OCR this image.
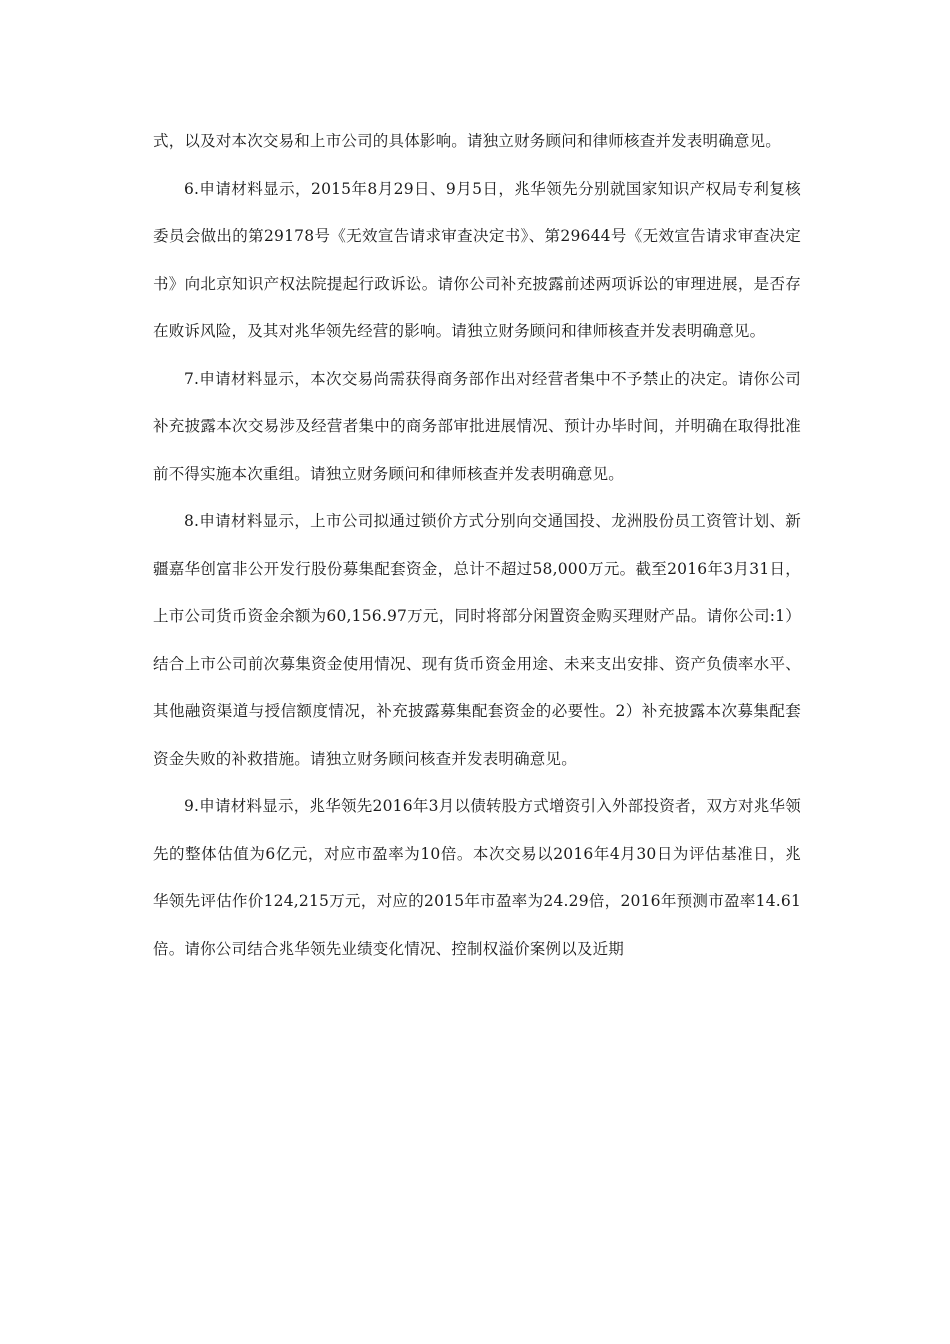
式，以及对本次交易和上市公司的具体影响。请独立财务顾问和律师核查并发表明确意见。

6.申请材料显示，2015年8月29日、9月5日，兆华领先分别就国家知识产权局专利复核委员会做出的第29178号《无效宣告请求审查决定书》、第29644号《无效宣告请求审查决定书》向北京知识产权法院提起行政诉讼。请你公司补充披露前述两项诉讼的审理进展，是否存在败诉风险，及其对兆华领先经营的影响。请独立财务顾问和律师核查并发表明确意见。

7.申请材料显示，本次交易尚需获得商务部作出对经营者集中不予禁止的决定。请你公司补充披露本次交易涉及经营者集中的商务部审批进展情况、预计办毕时间，并明确在取得批准前不得实施本次重组。请独立财务顾问和律师核查并发表明确意见。

8.申请材料显示，上市公司拟通过锁价方式分别向交通国投、龙洲股份员工资管计划、新疆嘉华创富非公开发行股份募集配套资金，总计不超过58,000万元。截至2016年3月31日，上市公司货币资金余额为60,156.97万元，同时将部分闲置资金购买理财产品。请你公司:1）结合上市公司前次募集资金使用情况、现有货币资金用途、未来支出安排、资产负债率水平、其他融资渠道与授信额度情况，补充披露募集配套资金的必要性。2）补充披露本次募集配套资金失败的补救措施。请独立财务顾问核查并发表明确意见。

9.申请材料显示，兆华领先2016年3月以债转股方式增资引入外部投资者，双方对兆华领先的整体估值为6亿元，对应市盈率为10倍。本次交易以2016年4月30日为评估基准日，兆华领先评估作价124,215万元，对应的2015年市盈率为24.29倍，2016年预测市盈率14.61倍。请你公司结合兆华领先业绩变化情况、控制权溢价案例以及近期
